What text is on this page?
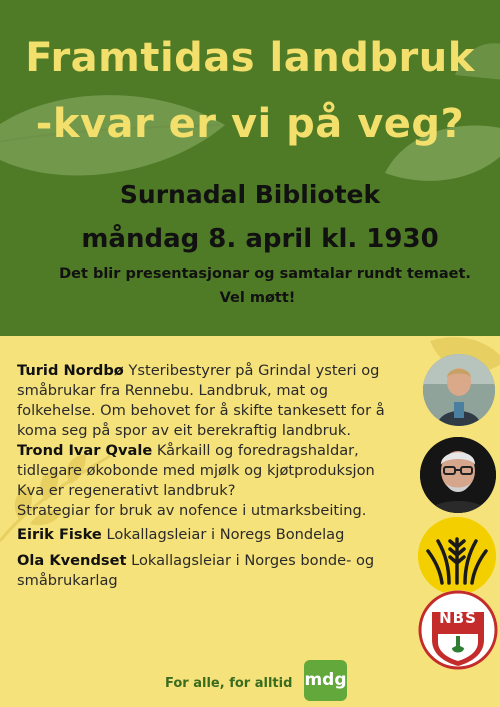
Framtidas landbruk
-kvar er vi på veg?
Surnadal Bibliotek
måndag 8. april kl. 1930
Det blir presentasjonar og samtalar rundt temaet.
Vel møtt!

Turid Nordbø Ysteribestyrer på Grindal ysteri og

småbrukar fra Rennebu. Landbruk, mat og

folkehelse. Om behovet for å skifte tankesett for å

koma seg på spor av eit berekraftig landbruk.

Trond Ivar Qvale Kårkaill og foredragshaldar,

tidlegare økobonde med mjølk og kjøtproduksjon

Kva er regenerativt landbruk?

Strategiar for bruk av nofence i utmarksbeiting.

Eirik Fiske Lokallagsleiar i Noregs Bondelag

Ola Kvendset Lokallagsleiar i Norges bonde- og

småbrukarlag

NBS
For alle, for alltid mdg
